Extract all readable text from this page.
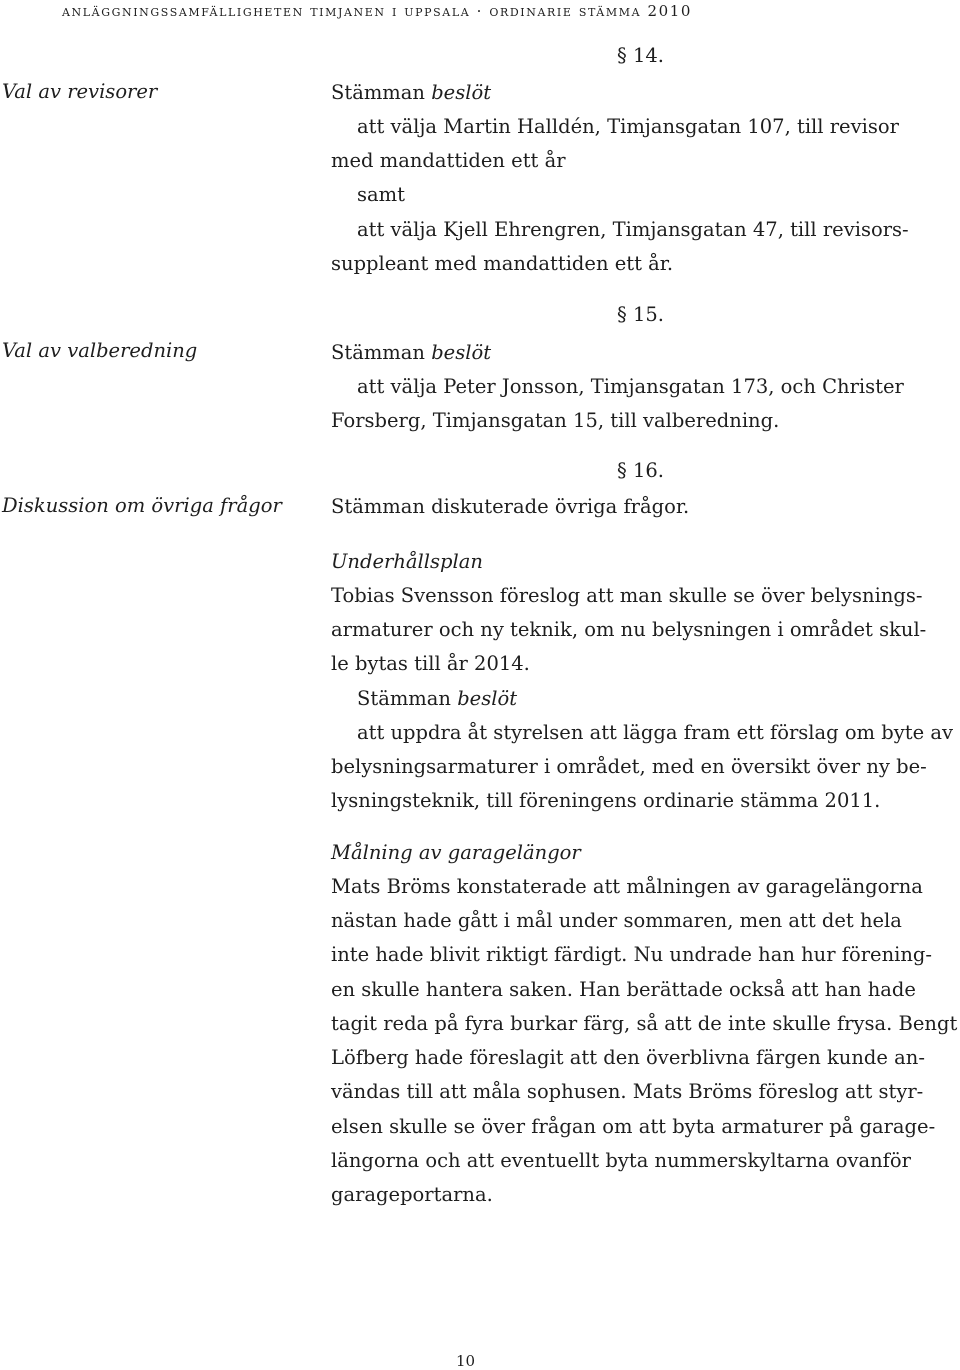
anläggningssamfälligheten timjanen i uppsala · ordinarie stämma 2010
Val av revisorer
Val av valberedning
Diskussion om övriga frågor
§ 14.
Stämman beslöt
att välja Martin Halldén, Timjansgatan 107, till revisor
med mandattiden ett år
samt
att välja Kjell Ehrengren, Timjansgatan 47, till revisors-
suppleant med mandattiden ett år.
§ 15.
Stämman beslöt
att välja Peter Jonsson, Timjansgatan 173, och Christer
Forsberg, Timjansgatan 15, till valberedning.
§ 16.
Stämman diskuterade övriga frågor.
Underhållsplan
Tobias Svensson föreslog att man skulle se över belysnings-
armaturer och ny teknik, om nu belysningen i området skul-
le bytas till år 2014.
Stämman beslöt
att uppdra åt styrelsen att lägga fram ett förslag om byte av
belysningsarmaturer i området, med en översikt över ny be-
lysningsteknik, till föreningens ordinarie stämma 2011.
Målning av garagelängor
Mats Bröms konstaterade att målningen av garagelängorna
nästan hade gått i mål under sommaren, men att det hela
inte hade blivit riktigt färdigt. Nu undrade han hur förening-
en skulle hantera saken. Han berättade också att han hade
tagit reda på fyra burkar färg, så att de inte skulle frysa. Bengt
Löfberg hade föreslagit att den överblivna färgen kunde an-
vändas till att måla sophusen. Mats Bröms föreslog att styr-
elsen skulle se över frågan om att byta armaturer på garage-
längorna och att eventuellt byta nummerskyltarna ovanför
garageportarna.
10
